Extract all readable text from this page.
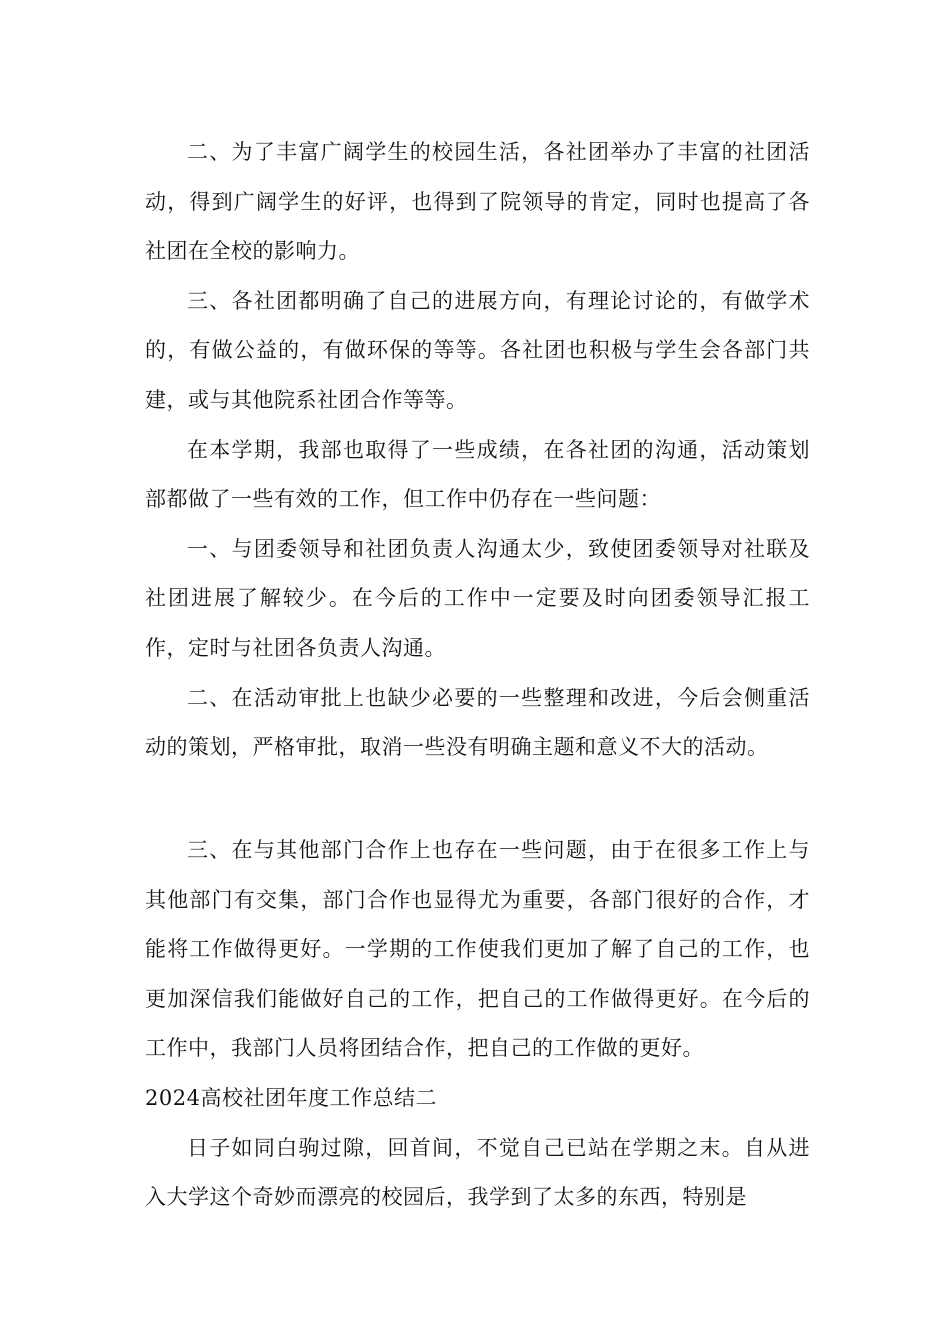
二、为了丰富广阔学生的校园生活，各社团举办了丰富的社团活动，得到广阔学生的好评，也得到了院领导的肯定，同时也提高了各社团在全校的影响力。

三、各社团都明确了自己的进展方向，有理论讨论的，有做学术的，有做公益的，有做环保的等等。各社团也积极与学生会各部门共建，或与其他院系社团合作等等。

在本学期，我部也取得了一些成绩，在各社团的沟通，活动策划部都做了一些有效的工作，但工作中仍存在一些问题：

一、与团委领导和社团负责人沟通太少，致使团委领导对社联及社团进展了解较少。在今后的工作中一定要及时向团委领导汇报工作，定时与社团各负责人沟通。

二、在活动审批上也缺少必要的一些整理和改进，今后会侧重活动的策划，严格审批，取消一些没有明确主题和意义不大的活动。

三、在与其他部门合作上也存在一些问题，由于在很多工作上与其他部门有交集，部门合作也显得尤为重要，各部门很好的合作，才能将工作做得更好。一学期的工作使我们更加了解了自己的工作，也更加深信我们能做好自己的工作，把自己的工作做得更好。在今后的工作中，我部门人员将团结合作，把自己的工作做的更好。

2024高校社团年度工作总结二

日子如同白驹过隙，回首间，不觉自己已站在学期之末。自从进入大学这个奇妙而漂亮的校园后，我学到了太多的东西，特别是
